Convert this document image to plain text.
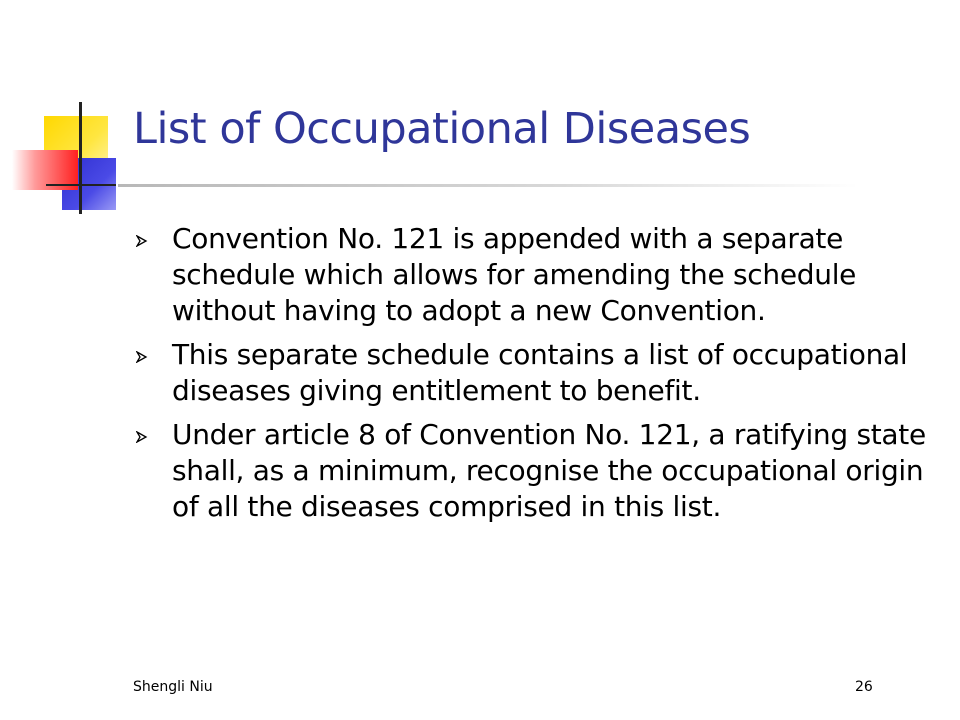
List of Occupational Diseases
Convention No. 121 is appended with a separate schedule which allows for amending the schedule without having to adopt a new Convention.
This separate schedule contains a list of occupational diseases giving entitlement to benefit.
Under article 8 of Convention No. 121, a ratifying state shall, as a minimum, recognise the occupational origin of all the diseases comprised in this list.
Shengli Niu	26
